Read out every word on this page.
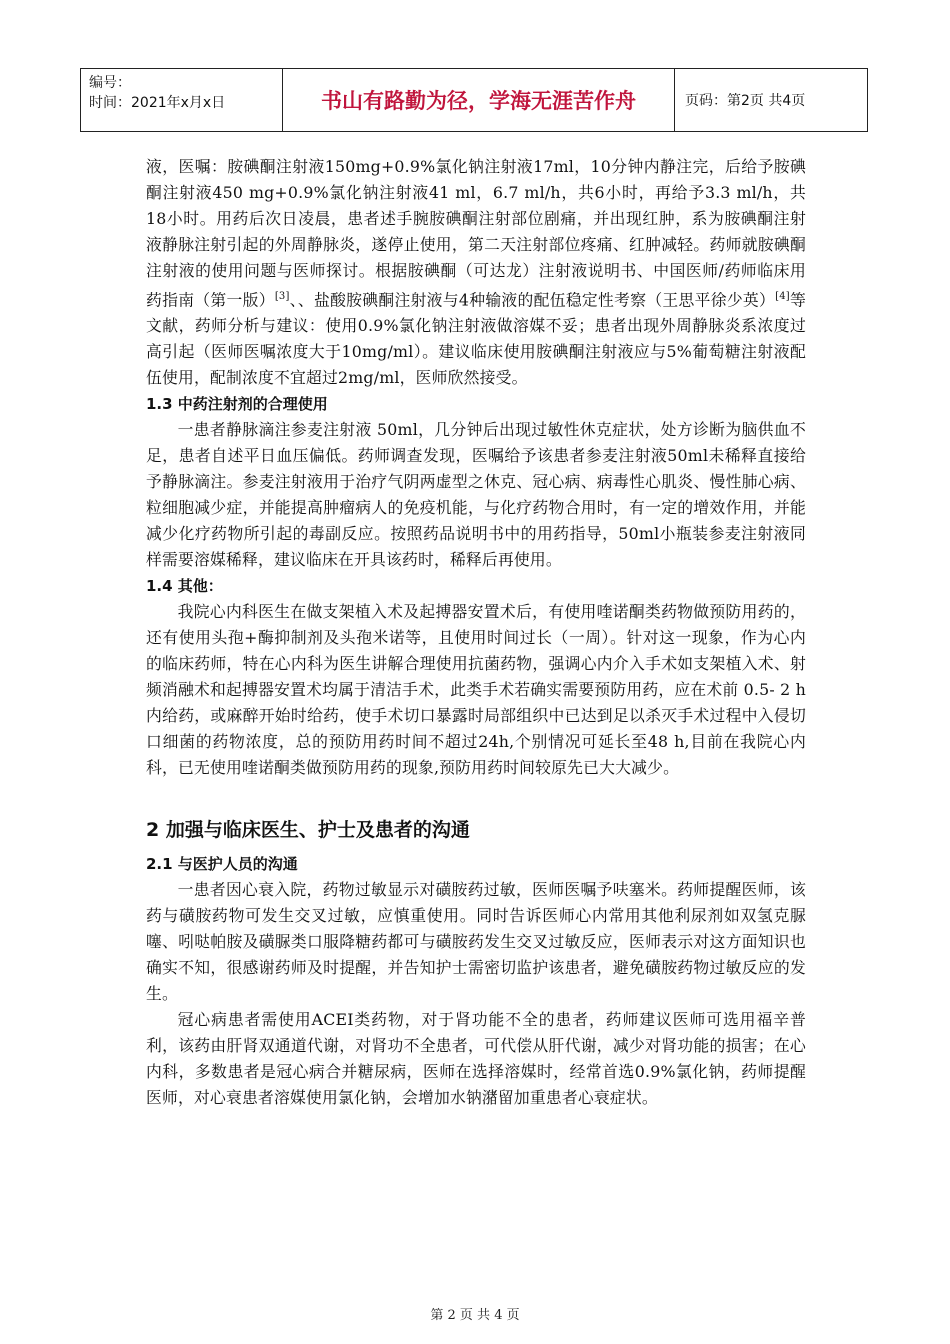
编号：
时间：2021年x月x日	书山有路勤为径，学海无涯苦作舟	页码：第2页 共4页

液，医嘱：胺碘酮注射液150mg+0.9%氯化钠注射液17ml，10分钟内静注完，后给予胺碘酮注射液450 mg+0.9%氯化钠注射液41 ml，6.7 ml/h，共6小时，再给予3.3 ml/h，共18小时。用药后次日凌晨，患者述手腕胺碘酮注射部位剧痛，并出现红肿，系为胺碘酮注射液静脉注射引起的外周静脉炎，遂停止使用，第二天注射部位疼痛、红肿减轻。药师就胺碘酮注射液的使用问题与医师探讨。根据胺碘酮（可达龙）注射液说明书、中国医师/药师临床用药指南（第一版）[3]、、盐酸胺碘酮注射液与4种输液的配伍稳定性考察（王思平徐少英）[4]等文献，药师分析与建议：使用0.9%氯化钠注射液做溶媒不妥；患者出现外周静脉炎系浓度过高引起（医师医嘱浓度大于10mg/ml）。建议临床使用胺碘酮注射液应与5%葡萄糖注射液配伍使用，配制浓度不宜超过2mg/ml，医师欣然接受。

1.3 中药注射剂的合理使用

一患者静脉滴注参麦注射液 50ml，几分钟后出现过敏性休克症状，处方诊断为脑供血不足，患者自述平日血压偏低。药师调查发现，医嘱给予该患者参麦注射液50ml未稀释直接给予静脉滴注。参麦注射液用于治疗气阴两虚型之休克、冠心病、病毒性心肌炎、慢性肺心病、粒细胞减少症，并能提高肿瘤病人的免疫机能，与化疗药物合用时，有一定的增效作用，并能减少化疗药物所引起的毒副反应。按照药品说明书中的用药指导，50ml小瓶装参麦注射液同样需要溶媒稀释，建议临床在开具该药时，稀释后再使用。

1.4 其他：

我院心内科医生在做支架植入术及起搏器安置术后，有使用喹诺酮类药物做预防用药的，还有使用头孢+酶抑制剂及头孢米诺等，且使用时间过长（一周）。针对这一现象，作为心内的临床药师，特在心内科为医生讲解合理使用抗菌药物，强调心内介入手术如支架植入术、射频消融术和起搏器安置术均属于清洁手术，此类手术若确实需要预防用药，应在术前 0.5- 2 h内给药，或麻醉开始时给药，使手术切口暴露时局部组织中已达到足以杀灭手术过程中入侵切口细菌的药物浓度，总的预防用药时间不超过24h,个别情况可延长至48 h,目前在我院心内科，已无使用喹诺酮类做预防用药的现象,预防用药时间较原先已大大减少。

2 加强与临床医生、护士及患者的沟通

2.1 与医护人员的沟通

一患者因心衰入院，药物过敏显示对磺胺药过敏，医师医嘱予呋塞米。药师提醒医师，该药与磺胺药物可发生交叉过敏，应慎重使用。同时告诉医师心内常用其他利尿剂如双氢克脲噻、吲哒帕胺及磺脲类口服降糖药都可与磺胺药发生交叉过敏反应，医师表示对这方面知识也确实不知，很感谢药师及时提醒，并告知护士需密切监护该患者，避免磺胺药物过敏反应的发生。

冠心病患者需使用ACEI类药物，对于肾功能不全的患者，药师建议医师可选用福辛普利，该药由肝肾双通道代谢，对肾功不全患者，可代偿从肝代谢，减少对肾功能的损害；在心内科，多数患者是冠心病合并糖尿病，医师在选择溶媒时，经常首选0.9%氯化钠，药师提醒医师，对心衰患者溶媒使用氯化钠，会增加水钠潴留加重患者心衰症状。

第 2 页 共 4 页
